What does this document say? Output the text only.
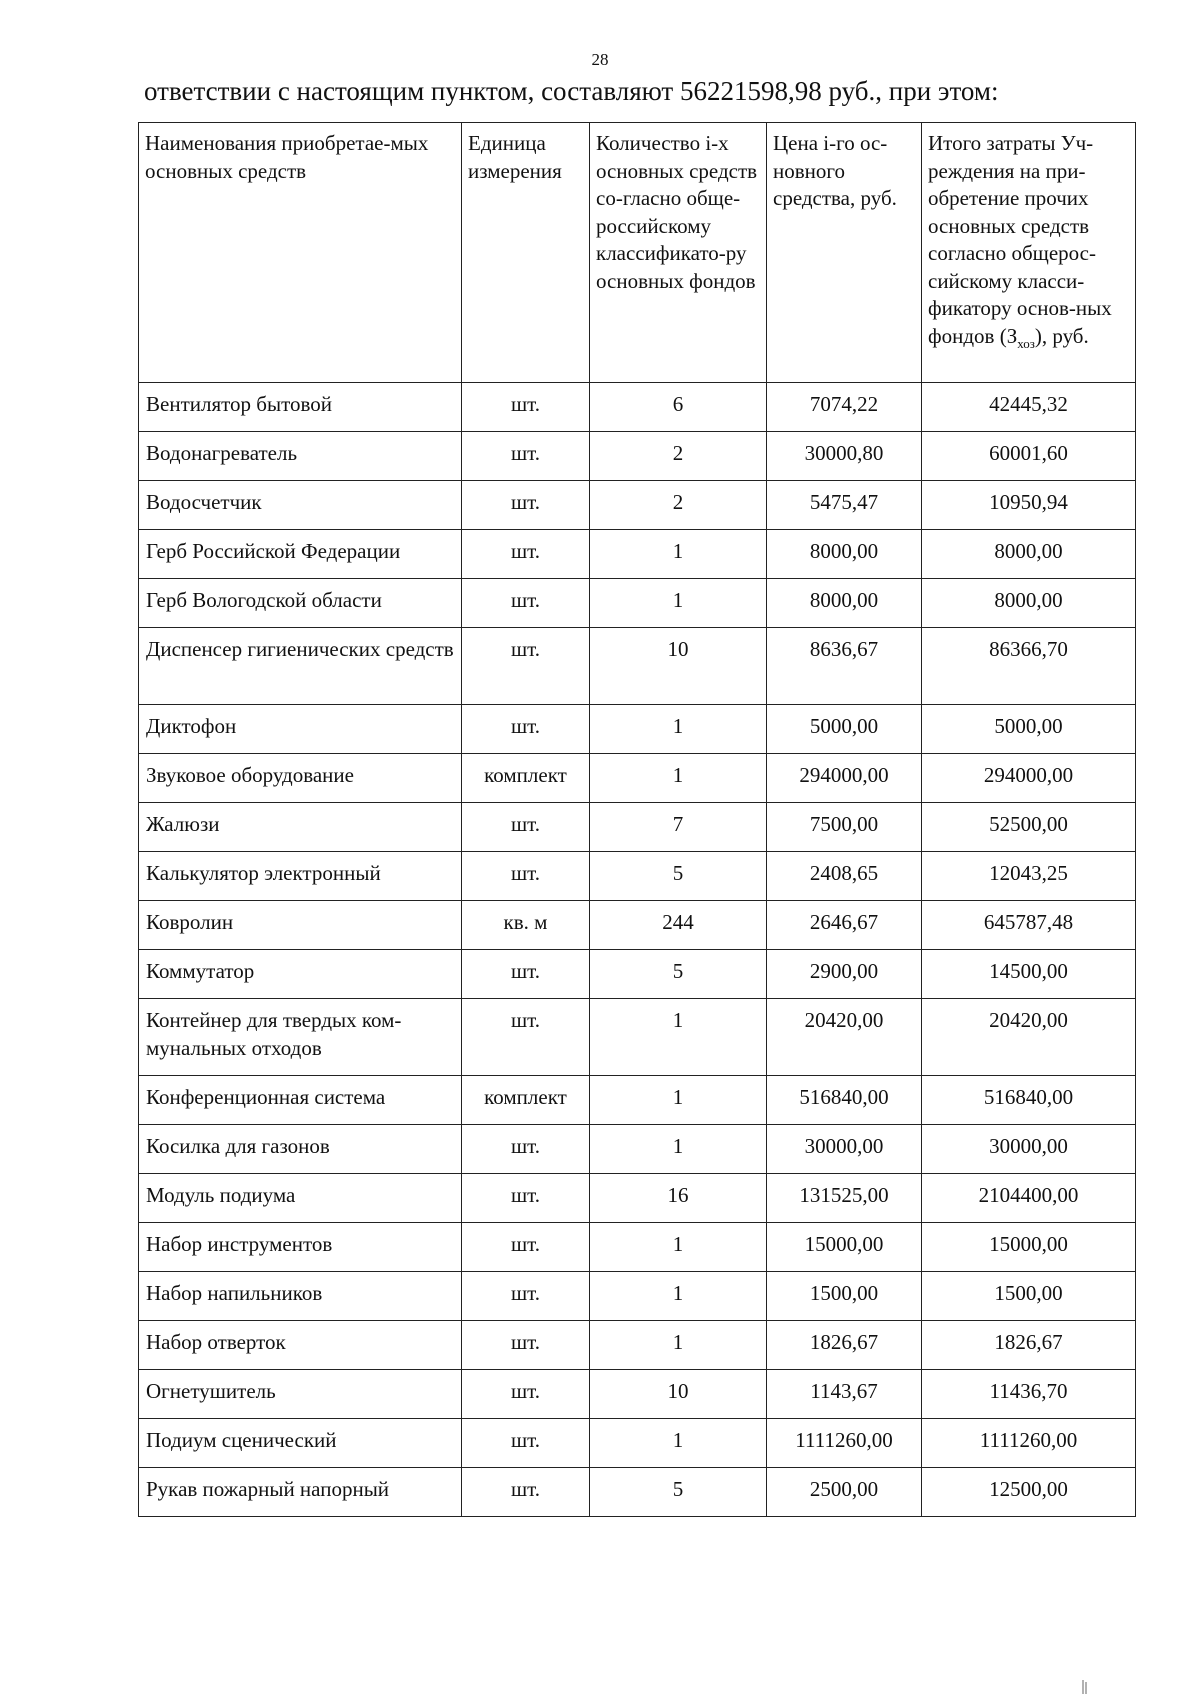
28
ответствии с настоящим пунктом, составляют 56221598,98 руб., при этом:
Наименования приобретае-мых основных средств	Единица измерения	Количество i-х основных средств со-гласно обще-российскому классификато-ру основных фондов	Цена i-го ос-новного средства, руб.	Итого затраты Уч-реждения на при-обретение прочих основных средств согласно общерос-сийскому класси-фикатору основ-ных фондов $(З_{хоз})$, руб.
Вентилятор бытовой	шт.	6	7074,22	42445,32
Водонагреватель	шт.	2	30000,80	60001,60
Водосчетчик	шт.	2	5475,47	10950,94
Герб Российской Федерации	шт.	1	8000,00	8000,00
Герб Вологодской области	шт.	1	8000,00	8000,00
Диспенсер гигиенических средств	шт.	10	8636,67	86366,70
Диктофон	шт.	1	5000,00	5000,00
Звуковое оборудование	комплект	1	294000,00	294000,00
Жалюзи	шт.	7	7500,00	52500,00
Калькулятор электронный	шт.	5	2408,65	12043,25
Ковролин	кв. м	244	2646,67	645787,48
Коммутатор	шт.	5	2900,00	14500,00
Контейнер для твердых ком-мунальных отходов	шт.	1	20420,00	20420,00
Конференционная система	комплект	1	516840,00	516840,00
Косилка для газонов	шт.	1	30000,00	30000,00
Модуль подиума	шт.	16	131525,00	2104400,00
Набор инструментов	шт.	1	15000,00	15000,00
Набор напильников	шт.	1	1500,00	1500,00
Набор отверток	шт.	1	1826,67	1826,67
Огнетушитель	шт.	10	1143,67	11436,70
Подиум сценический	шт.	1	1111260,00	1111260,00
Рукав пожарный напорный	шт.	5	2500,00	12500,00
